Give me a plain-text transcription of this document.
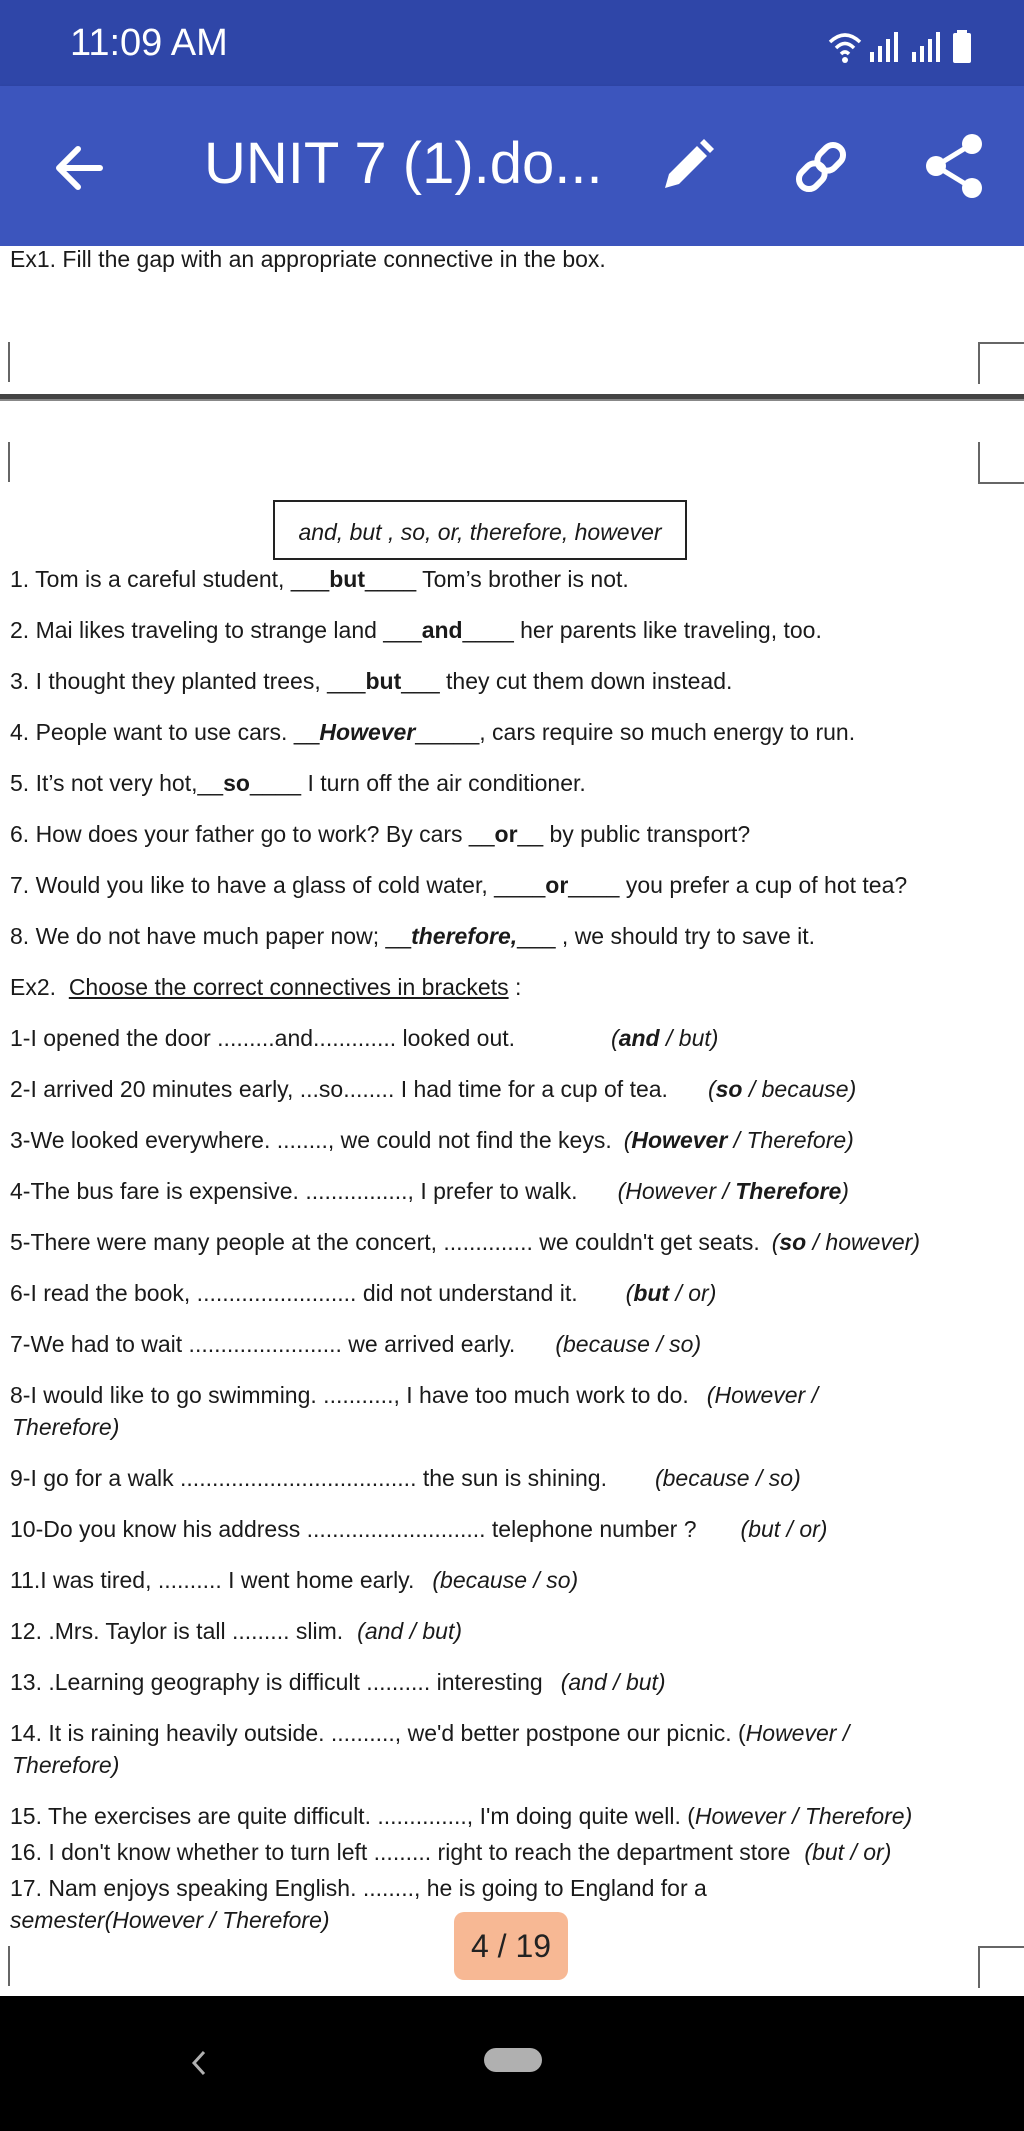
11:09 AM
UNIT 7 (1).do...
Ex1. Fill the gap with an appropriate connective in the box.
and, but , so, or, therefore, however
1. Tom is a careful student, ___but____ Tom’s brother is not.
2. Mai likes traveling to strange land ___and____ her parents like traveling, too.
3. I thought they planted trees, ___but___ they cut them down instead.
4. People want to use cars. __However_____, cars require so much energy to run.
5. It’s not very hot,__so____ I turn off the air conditioner.
6. How does your father go to work? By cars __or__ by public transport?
7. Would you like to have a glass of cold water, ____or____ you prefer a cup of hot tea?
8. We do not have much paper now; __therefore,___ , we should try to save it.
Ex2. Choose the correct connectives in brackets :
1-I opened the door .........and............. looked out.	(and / but)
2-I arrived 20 minutes early, ...so........ I had time for a cup of tea. (so / because)
3-We looked everywhere. ........, we could not find the keys. (However / Therefore)
4-The bus fare is expensive. ................, I prefer to walk. (However / Therefore)
5-There were many people at the concert, .............. we couldn't get seats. (so / however)
6-I read the book, ......................... did not understand it. (but / or)
7-We had to wait ........................ we arrived early. (because / so)
8-I would like to go swimming. ..........., I have too much work to do. (However /
Therefore)
9-I go for a walk ..................................... the sun is shining. (because / so)
10-Do you know his address ............................ telephone number ? (but / or)
11.I was tired, .......... I went home early. (because / so)
12. .Mrs. Taylor is tall ......... slim. (and / but)
13. .Learning geography is difficult .......... interesting (and / but)
14. It is raining heavily outside. .........., we'd better postpone our picnic. (However /
Therefore)
15. The exercises are quite difficult. .............., I'm doing quite well. (However / Therefore)
16. I don't know whether to turn left ......... right to reach the department store (but / or)
17. Nam enjoys speaking English. ........, he is going to England for a
semester(However / Therefore)
4 / 19
